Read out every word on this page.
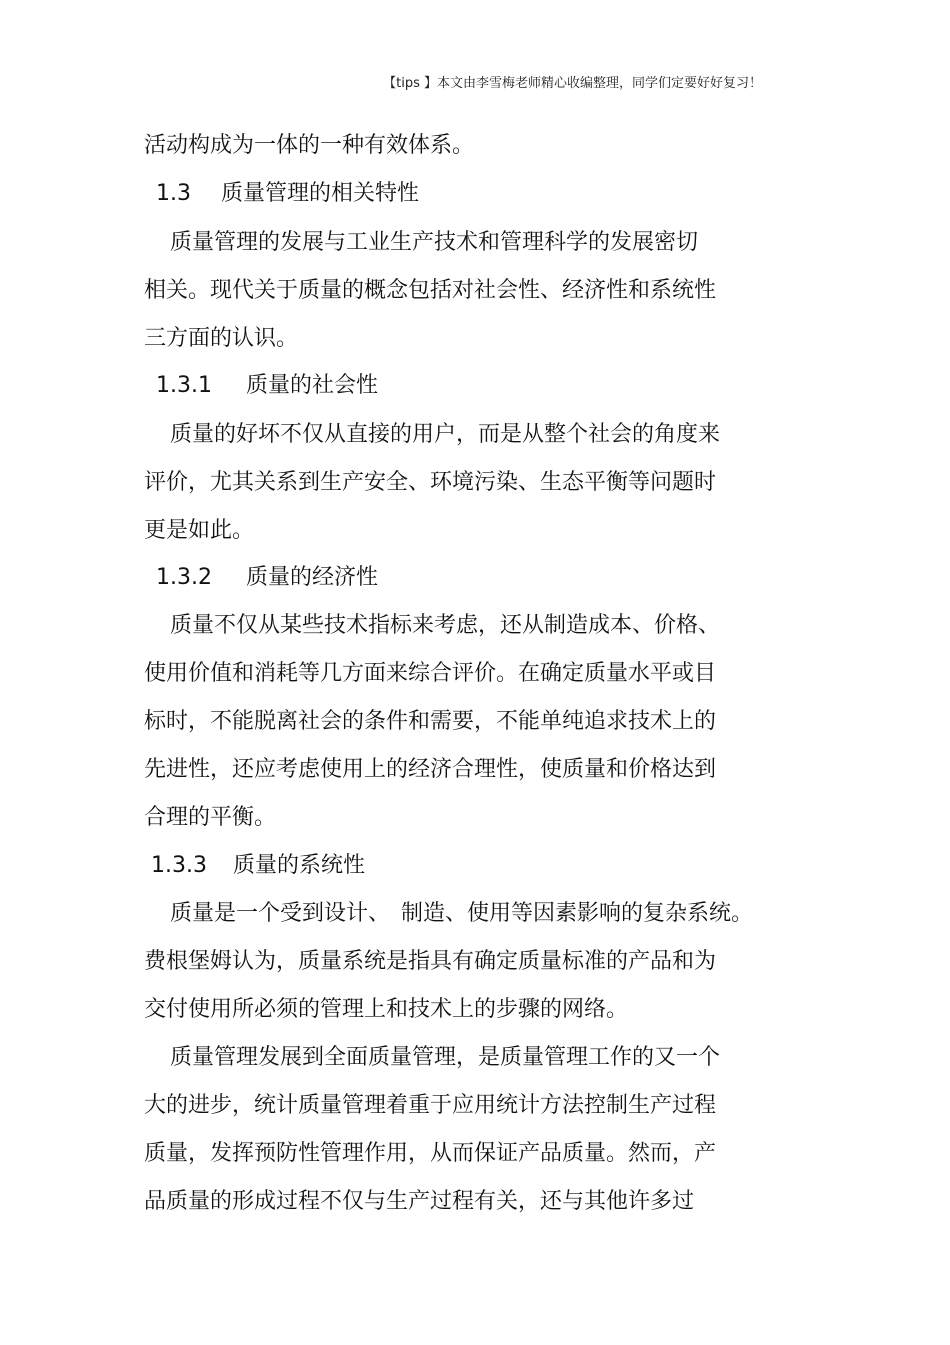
【tips 】本文由李雪梅老师精心收编整理，同学们定要好好复习！
活动构成为一体的一种有效体系。
1.3 质量管理的相关特性
质量管理的发展与工业生产技术和管理科学的发展密切
相关。现代关于质量的概念包括对社会性、经济性和系统性
三方面的认识。
1.3.1 质量的社会性
质量的好坏不仅从直接的用户，而是从整个社会的角度来
评价，尤其关系到生产安全、环境污染、生态平衡等问题时
更是如此。
1.3.2 质量的经济性
质量不仅从某些技术指标来考虑，还从制造成本、价格、
使用价值和消耗等几方面来综合评价。在确定质量水平或目
标时，不能脱离社会的条件和需要，不能单纯追求技术上的
先进性，还应考虑使用上的经济合理性，使质量和价格达到
合理的平衡。
1.3.3 质量的系统性
质量是一个受到设计、　制造、使用等因素影响的复杂系统。
费根堡姆认为，质量系统是指具有确定质量标准的产品和为
交付使用所必须的管理上和技术上的步骤的网络。
质量管理发展到全面质量管理，是质量管理工作的又一个
大的进步，统计质量管理着重于应用统计方法控制生产过程
质量，发挥预防性管理作用，从而保证产品质量。然而，产
品质量的形成过程不仅与生产过程有关，还与其他许多过
